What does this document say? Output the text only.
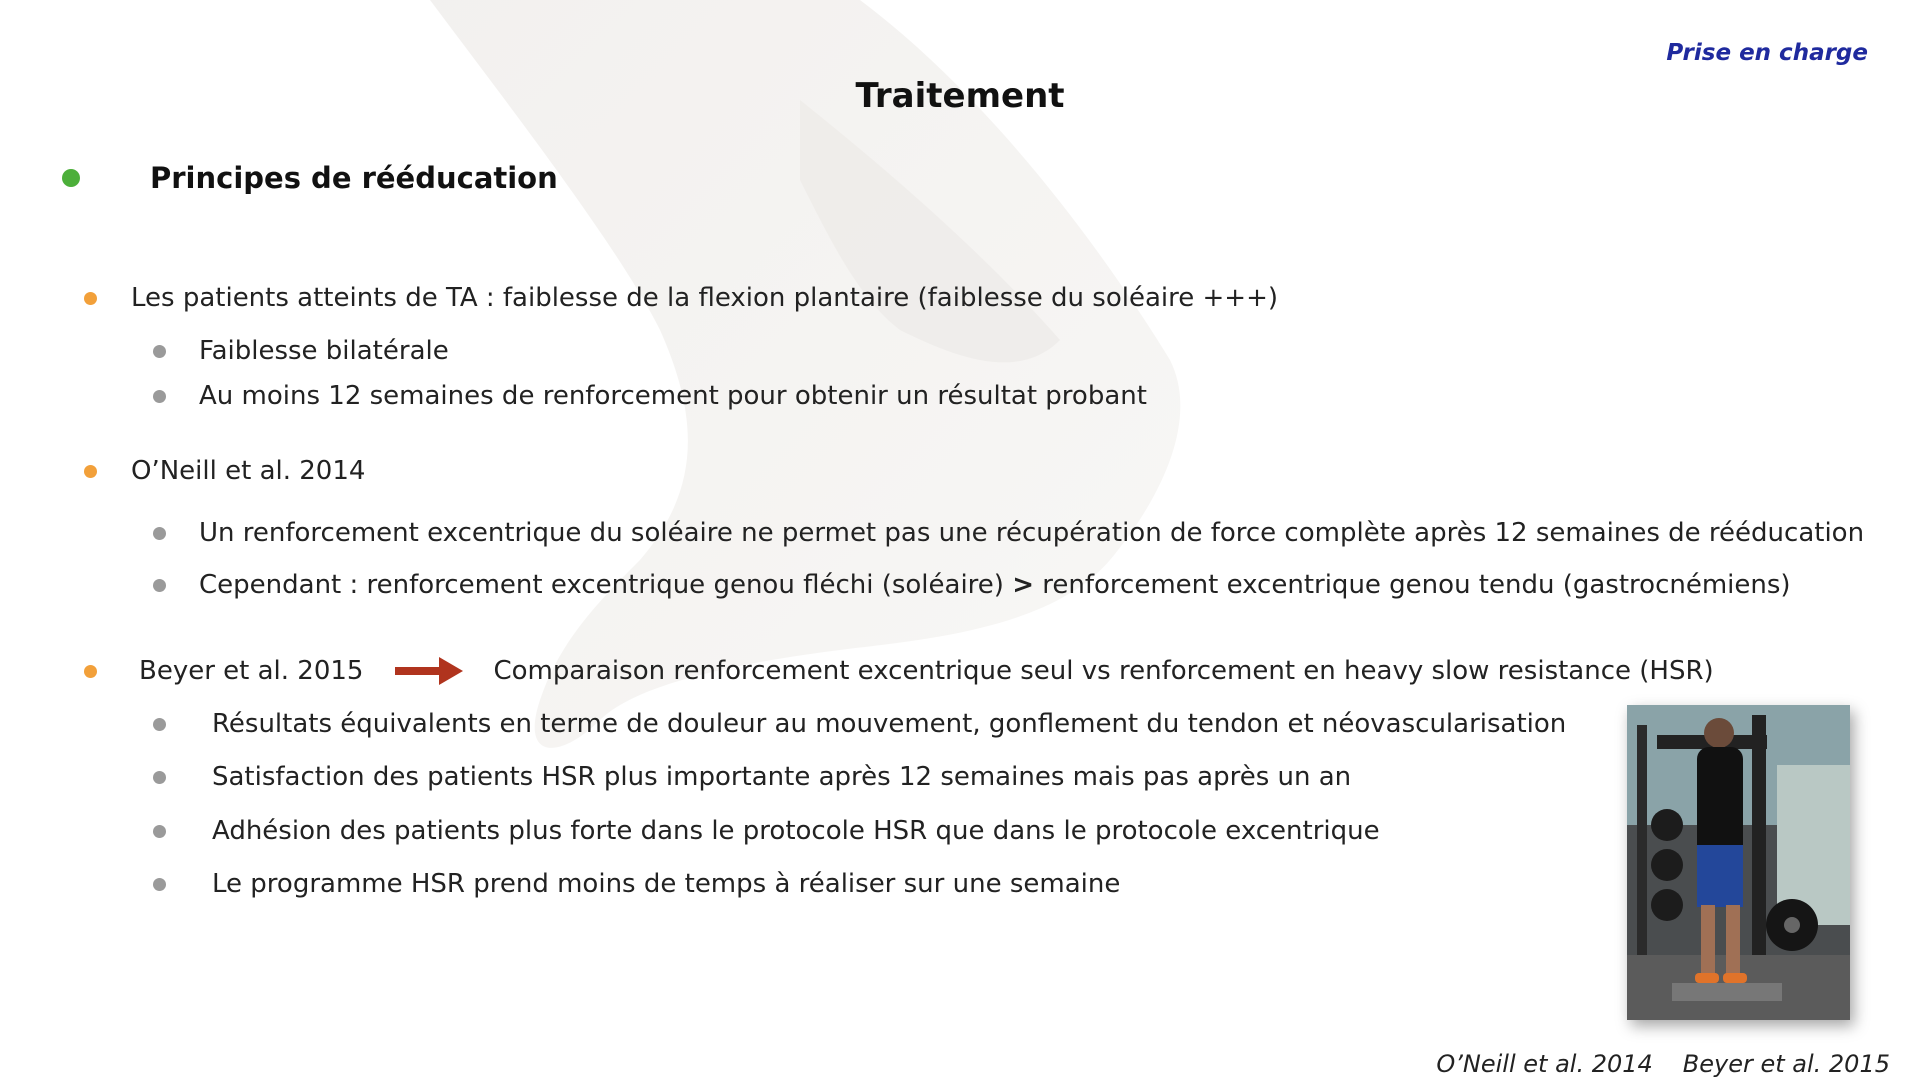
Prise en charge
Traitement
Principes de rééducation
Les patients atteints de TA : faiblesse de la flexion plantaire (faiblesse du soléaire +++)
Faiblesse bilatérale
Au moins 12 semaines de renforcement pour obtenir un résultat probant
O’Neill et al. 2014
Un renforcement excentrique du soléaire ne permet pas une récupération de force complète après 12 semaines de rééducation
Cependant : renforcement excentrique genou fléchi (soléaire) > renforcement excentrique genou tendu (gastrocnémiens)
Beyer et al. 2015	Comparaison renforcement excentrique seul vs renforcement en heavy slow resistance (HSR)
Résultats équivalents en terme de douleur au mouvement, gonflement du tendon et néovascularisation
Satisfaction des patients HSR plus importante après 12 semaines mais pas après un an
Adhésion des patients plus forte dans le protocole HSR que dans le protocole excentrique
Le programme HSR prend moins de temps à réaliser sur une semaine
O’Neill et al. 2014 Beyer et al. 2015
